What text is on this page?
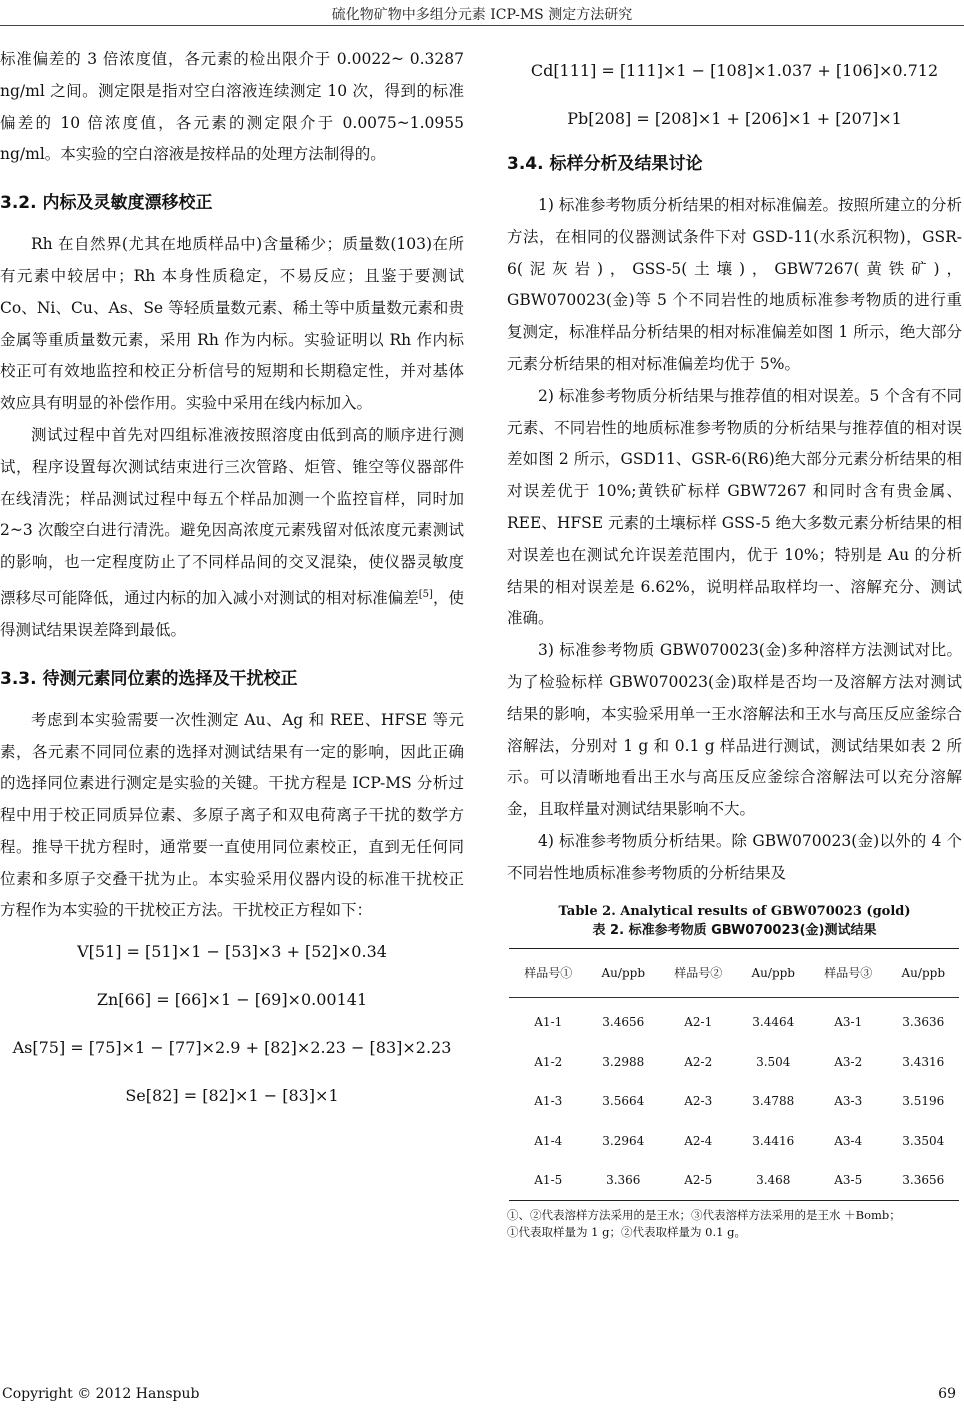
硫化物矿物中多组分元素 ICP-MS 测定方法研究

标准偏差的 3 倍浓度值，各元素的检出限介于 0.0022~ 0.3287 ng/ml 之间。测定限是指对空白溶液连续测定 10 次，得到的标准偏差的 10 倍浓度值，各元素的测定限介于 0.0075~1.0955 ng/ml。本实验的空白溶液是按样品的处理方法制得的。

3.2. 内标及灵敏度漂移校正

Rh 在自然界(尤其在地质样品中)含量稀少；质量数(103)在所有元素中较居中；Rh 本身性质稳定，不易反应；且鉴于要测试 Co、Ni、Cu、As、Se 等轻质量数元素、稀土等中质量数元素和贵金属等重质量数元素，采用 Rh 作为内标。实验证明以 Rh 作内标校正可有效地监控和校正分析信号的短期和长期稳定性，并对基体效应具有明显的补偿作用。实验中采用在线内标加入。

测试过程中首先对四组标准液按照溶度由低到高的顺序进行测试，程序设置每次测试结束进行三次管路、炬管、锥空等仪器部件在线清洗；样品测试过程中每五个样品加测一个监控盲样，同时加 2~3 次酸空白进行清洗。避免因高浓度元素残留对低浓度元素测试的影响，也一定程度防止了不同样品间的交叉混染，使仪器灵敏度漂移尽可能降低，通过内标的加入减小对测试的相对标准偏差[5]，使得测试结果误差降到最低。

3.3. 待测元素同位素的选择及干扰校正

考虑到本实验需要一次性测定 Au、Ag 和 REE、HFSE 等元素，各元素不同同位素的选择对测试结果有一定的影响，因此正确的选择同位素进行测定是实验的关键。干扰方程是 ICP-MS 分析过程中用于校正同质异位素、多原子离子和双电荷离子干扰的数学方程。推导干扰方程时，通常要一直使用同位素校正，直到无任何同位素和多原子交叠干扰为止。本实验采用仪器内设的标准干扰校正方程作为本实验的干扰校正方法。干扰校正方程如下：

V[51] = [51]×1 − [53]×3 + [52]×0.34
Zn[66] = [66]×1 − [69]×0.00141
As[75] = [75]×1 − [77]×2.9 + [82]×2.23 − [83]×2.23
Se[82] = [82]×1 − [83]×1
Cd[111] = [111]×1 − [108]×1.037 + [106]×0.712
Pb[208] = [208]×1 + [206]×1 + [207]×1
3.4. 标样分析及结果讨论

1) 标准参考物质分析结果的相对标准偏差。按照所建立的分析方法，在相同的仪器测试条件下对 GSD-11(水系沉积物)，GSR-6(泥灰岩)，GSS-5(土壤)，GBW7267(黄铁矿)，GBW070023(金)等 5 个不同岩性的地质标准参考物质的进行重复测定，标准样品分析结果的相对标准偏差如图 1 所示，绝大部分元素分析结果的相对标准偏差均优于 5%。

2) 标准参考物质分析结果与推荐值的相对误差。5 个含有不同元素、不同岩性的地质标准参考物质的分析结果与推荐值的相对误差如图 2 所示，GSD11、GSR-6(R6)绝大部分元素分析结果的相对误差优于 10%;黄铁矿标样 GBW7267 和同时含有贵金属、REE、HFSE 元素的土壤标样 GSS-5 绝大多数元素分析结果的相对误差也在测试允许误差范围内，优于 10%；特别是 Au 的分析结果的相对误差是 6.62%，说明样品取样均一、溶解充分、测试准确。

3) 标准参考物质 GBW070023(金)多种溶样方法测试对比。为了检验标样 GBW070023(金)取样是否均一及溶解方法对测试结果的影响，本实验采用单一王水溶解法和王水与高压反应釜综合溶解法，分别对 1 g 和 0.1 g 样品进行测试，测试结果如表 2 所示。可以清晰地看出王水与高压反应釜综合溶解法可以充分溶解金，且取样量对测试结果影响不大。

4) 标准参考物质分析结果。除 GBW070023(金)以外的 4 个不同岩性地质标准参考物质的分析结果及

Table 2. Analytical results of GBW070023 (gold)
表 2. 标准参考物质 GBW070023(金)测试结果
样品号①	Au/ppb	样品号②	Au/ppb	样品号③	Au/ppb
A1-1	3.4656	A2-1	3.4464	A3-1	3.3636
A1-2	3.2988	A2-2	3.504	A3-2	3.4316
A1-3	3.5664	A2-3	3.4788	A3-3	3.5196
A1-4	3.2964	A2-4	3.4416	A3-4	3.3504
A1-5	3.366	A2-5	3.468	A3-5	3.3656
①、②代表溶样方法采用的是王水；③代表溶样方法采用的是王水 ＋Bomb；
①代表取样量为 1 g；②代表取样量为 0.1 g。
Copyright © 2012 Hanspub	69
